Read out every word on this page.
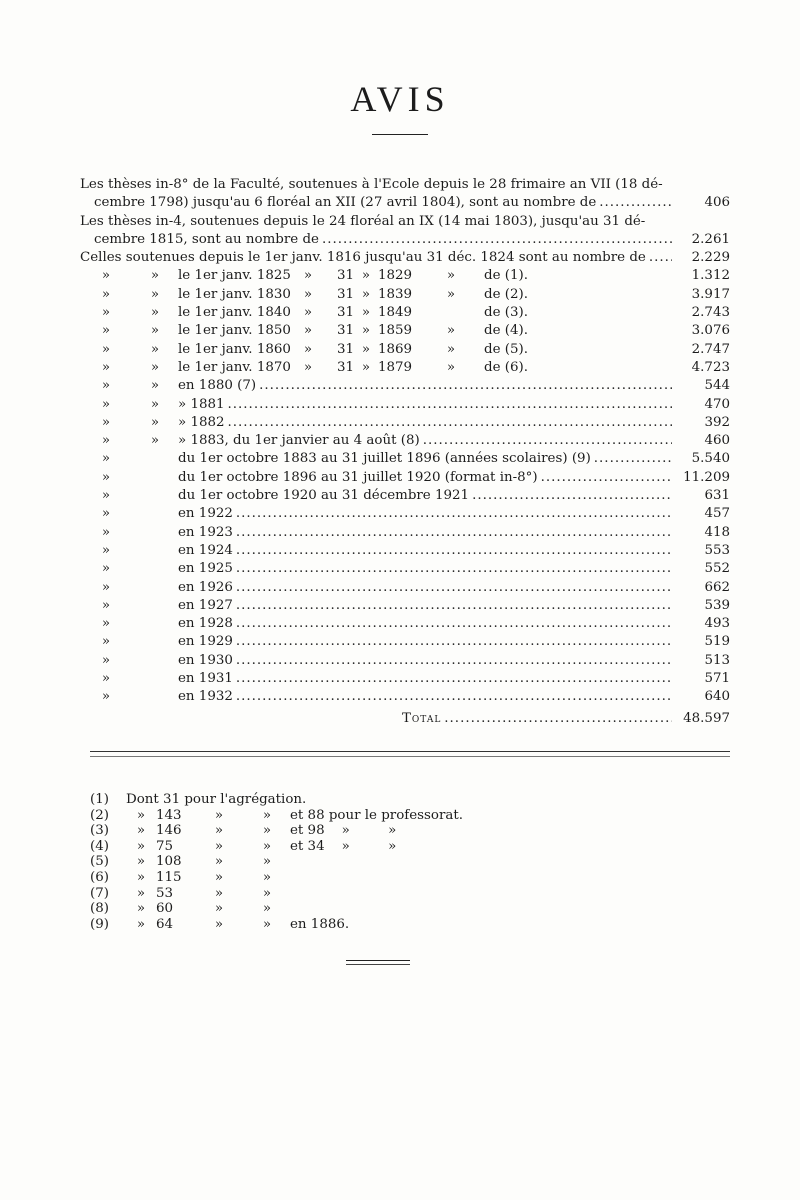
AVIS
Les thèses in-8° de la Faculté, soutenues à l'Ecole depuis le 28 frimaire an VII (18 dé-
cembre 1798) jusqu'au 6 floréal an XII (27 avril 1804), sont au nombre de .....	406
Les thèses in-4, soutenues depuis le 24 floréal an IX (14 mai 1803), jusqu'au 31 dé-
cembre 1815, sont au nombre de .....	2.261
Celles soutenues depuis le 1er janv. 1816 jusqu'au 31 déc. 1824 sont au nombre de .....	2.229
»	»	le 1er janv. 1825 »	31 » 1829	»	de (1).	1.312
»	»	le 1er janv. 1830 »	31 » 1839	»	de (2).	3.917
»	»	le 1er janv. 1840 »	31 » 1849	de (3).	2.743
»	»	le 1er janv. 1850 »	31 » 1859	»	de (4).	3.076
»	»	le 1er janv. 1860 »	31 » 1869	»	de (5).	2.747
»	»	le 1er janv. 1870 »	31 » 1879	»	de (6).	4.723
»	»	en 1880 (7) .....	544
»	»	» 1881 .....	470
»	»	» 1882 .....	392
»	»	» 1883, du 1er janvier au 4 août (8) .....	460
»	du 1er octobre 1883 au 31 juillet 1896 (années scolaires) (9) .....	5.540
»	du 1er octobre 1896 au 31 juillet 1920 (format in-8°) .....	11.209
»	du 1er octobre 1920 au 31 décembre 1921 .....	631
»	en 1922 .....	457
»	en 1923 .....	418
»	en 1924 .....	553
»	en 1925 .....	552
»	en 1926 .....	662
»	en 1927 .....	539
»	en 1928 .....	493
»	en 1929 .....	519
»	en 1930 .....	513
»	en 1931 .....	571
»	en 1932 .....	640
Total .....	48.597
(1)	Dont 31 pour l'agrégation.
(2)	» 143	»	»	et 88 pour le professorat.
(3)	» 146	»	»	et 98    »         »
(4)	» 75	»	»	et 34    »         »
(5)	» 108	»	»
(6)	» 115	»	»
(7)	» 53	»	»
(8)	» 60	»	»
(9)	» 64	»	»	en 1886.
